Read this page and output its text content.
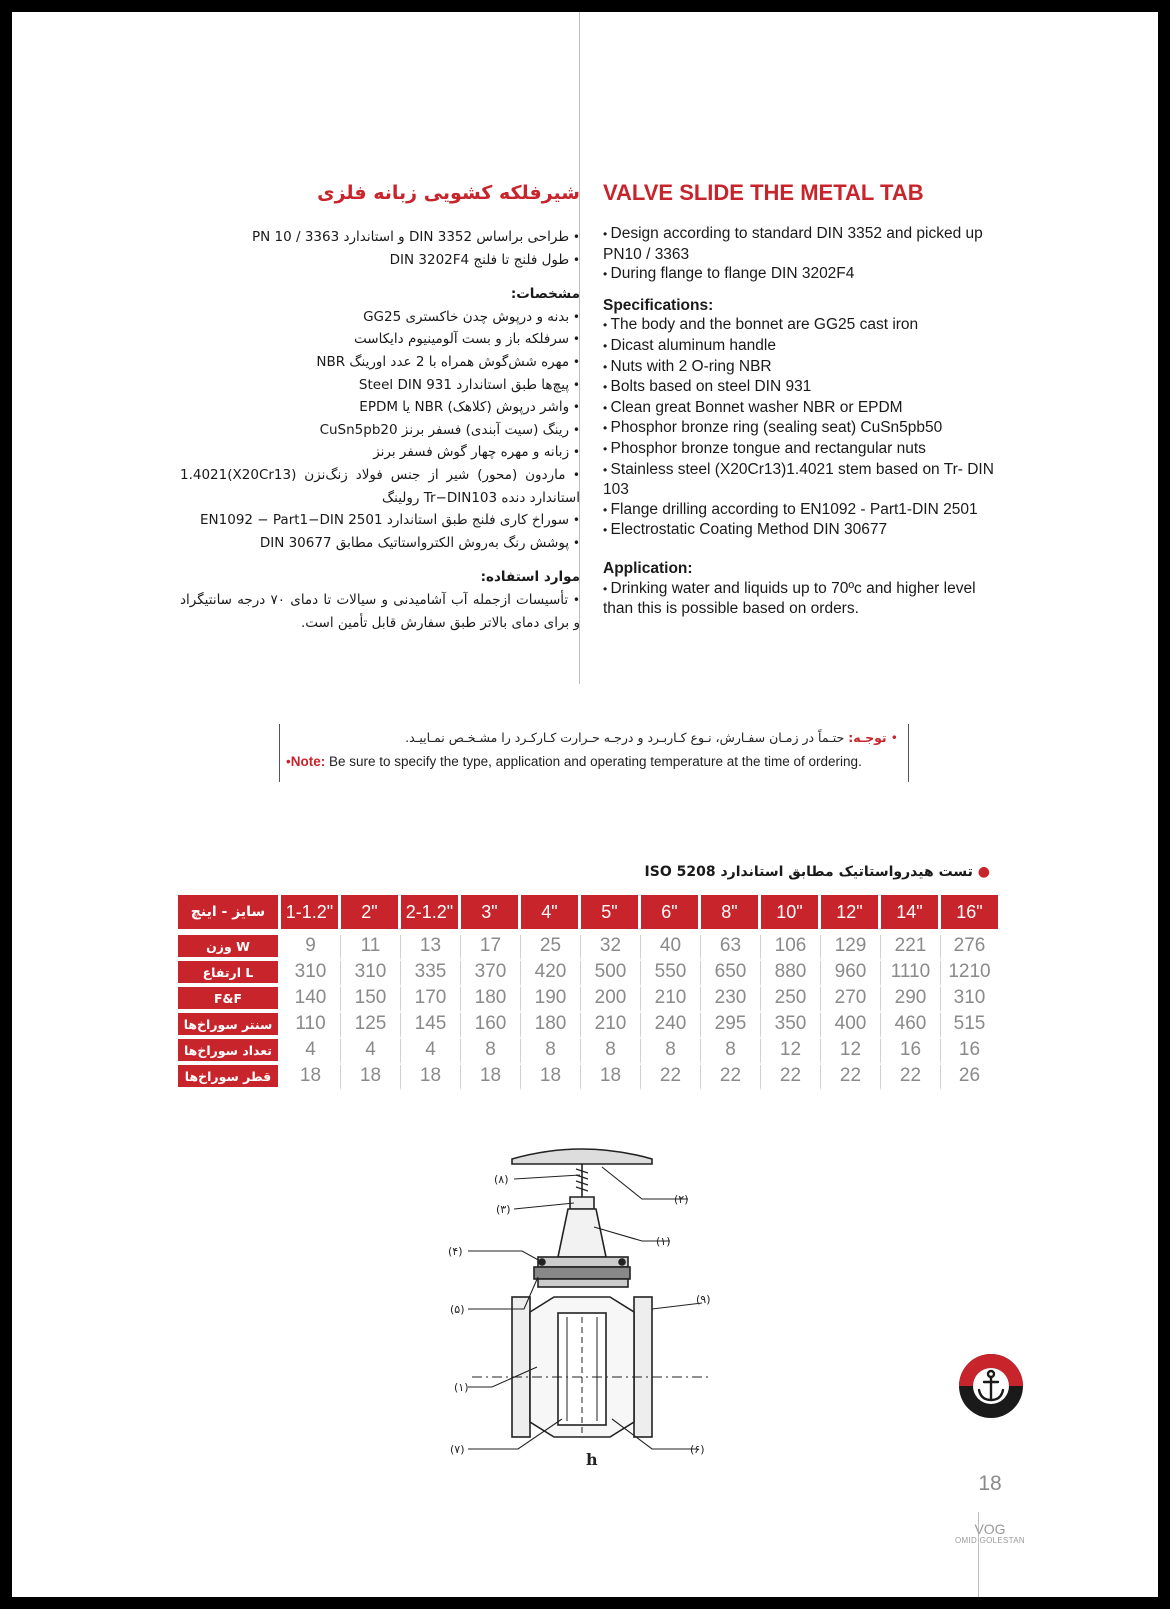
VALVE SLIDE THE METAL TAB
• Design according to standard DIN 3352 and picked up PN10 / 3363
• During flange to flange DIN 3202F4
Specifications:
• The body and the bonnet are GG25 cast iron
• Dicast aluminum handle
• Nuts with 2 O-ring NBR
• Bolts based on steel DIN 931
• Clean great Bonnet washer NBR or EPDM
• Phosphor bronze ring (sealing seat) CuSn5pb50
• Phosphor bronze tongue and rectangular nuts
• Stainless steel (X20Cr13)1.4021 stem based on Tr- DIN 103
• Flange drilling according to EN1092 - Part1-DIN 2501
• Electrostatic Coating Method DIN 30677
Application:
• Drinking water and liquids up to 70ºc and higher level than this is possible based on orders.
شیرفلکه کشویی زبانه فلزی
• طراحی براساس DIN 3352 و استاندارد 3363 / PN 10
• طول فلنج تا فلنج DIN 3202F4
مشخصات:
• بدنه و درپوش چدن خاکستری GG25
• سرفلکه باز و بست آلومینیوم دایکاست
• مهره شش‌گوش همراه با 2 عدد اورینگ NBR
• پیچ‌ها طبق استاندارد Steel DIN 931
• واشر درپوش (کلاهک) NBR یا EPDM
• رینگ (سیت آبندی) فسفر برنز CuSn5pb20
• زبانه و مهره چهار گوش فسفر برنز
• ماردون (محور) شیر از جنس فولاد زنگ‌نزن (X20Cr13)1.4021 استاندارد دنده Tr−DIN103 رولینگ
• سوراخ کاری فلنج طبق استاندارد EN1092 − Part1−DIN 2501
• پوشش رنگ به‌روش الکترواستاتیک مطابق DIN 30677
موارد استفاده:
• تأسیسات ازجمله آب آشامیدنی و سیالات تا دمای ۷۰ درجه سانتیگراد و برای دمای بالاتر طبق سفارش قابل تأمین است.
• توجـه: حتـماً در زمـان سفـارش، نـوع کـاربـرد و درجـه حـرارت کـارکـرد را مشـخـص نمـاییـد.
•Note: Be sure to specify the type, application and operating temperature at the time of ordering.
● تست هیدرواستاتیک مطابق استاندارد ISO 5208
سایز - اینچ	1-1.2"	2"	2-1.2"	3"	4"	5"	6"	8"	10"	12"	14"	16"

وزن W	9	11	13	17	25	32	40	63	106	129	221	276
ارتفاع L	310	310	335	370	420	500	550	650	880	960	1110	1210
F&F	140	150	170	180	190	200	210	230	250	270	290	310
سنتر سوراخ‌ها	110	125	145	160	180	210	240	295	350	400	460	515
تعداد سوراخ‌ها	4	4	4	8	8	8	8	8	12	12	16	16
قطر سوراخ‌ها	18	18	18	18	18	18	22	22	22	22	22	26
(۸)
(۲)
(۳)
(۱)
(۴)
(۹)
(۵)
(۱)
(۷)	(۶)
h
18
VOG
OMID GOLESTAN
